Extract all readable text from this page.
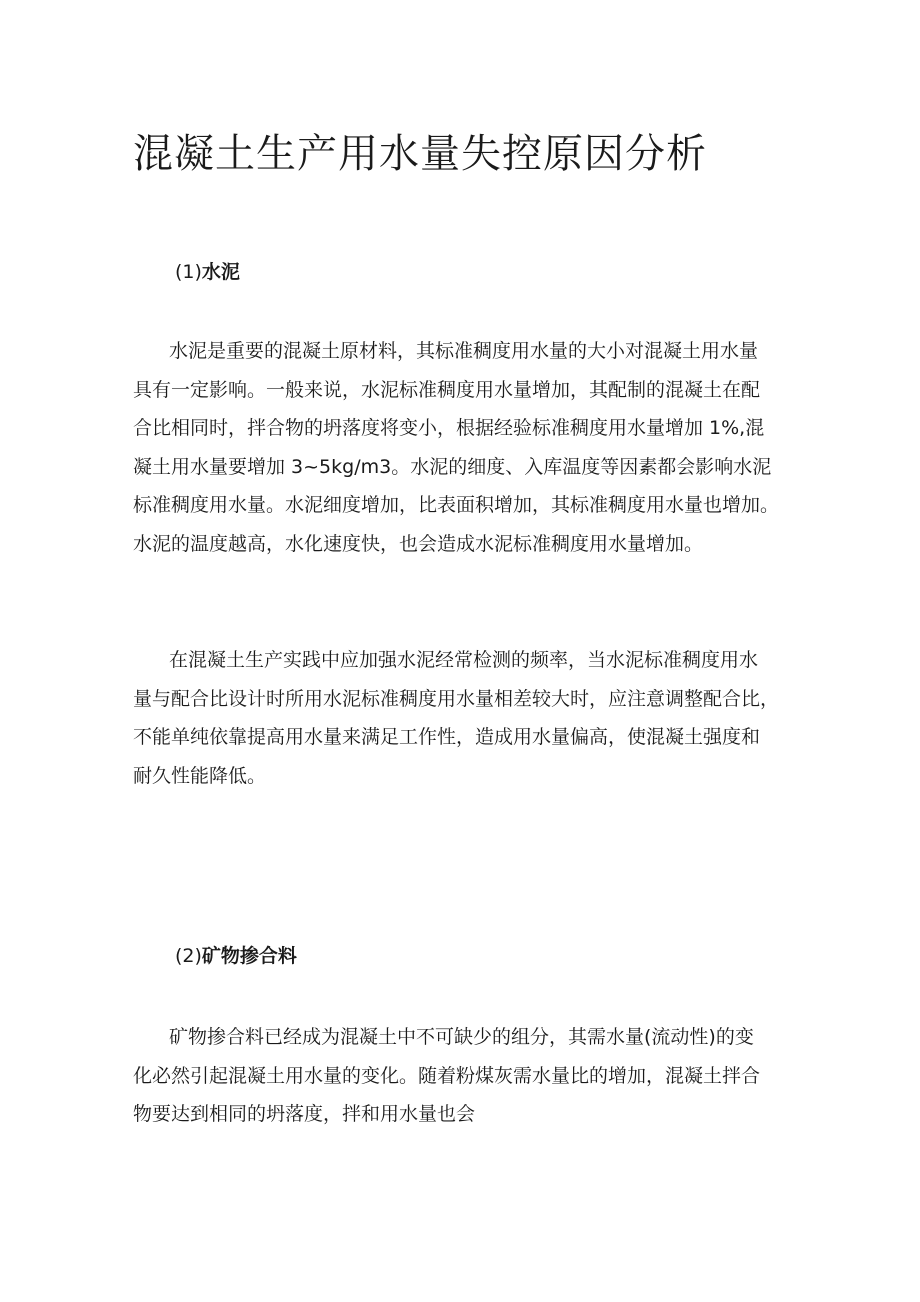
混凝土生产用水量失控原因分析
(1)水泥
水泥是重要的混凝土原材料，其标准稠度用水量的大小对混凝土用水量
具有一定影响。一般来说，水泥标准稠度用水量增加，其配制的混凝土在配
合比相同时，拌合物的坍落度将变小，根据经验标准稠度用水量增加 1%,混
凝土用水量要增加 3~5kg/m3。水泥的细度、入库温度等因素都会影响水泥
标准稠度用水量。水泥细度增加，比表面积增加，其标准稠度用水量也增加。
水泥的温度越高，水化速度快，也会造成水泥标准稠度用水量增加。
在混凝土生产实践中应加强水泥经常检测的频率，当水泥标准稠度用水
量与配合比设计时所用水泥标准稠度用水量相差较大时，应注意调整配合比，
不能单纯依靠提高用水量来满足工作性，造成用水量偏高，使混凝土强度和
耐久性能降低。
(2)矿物掺合料
矿物掺合料已经成为混凝土中不可缺少的组分，其需水量(流动性)的变
化必然引起混凝土用水量的变化。随着粉煤灰需水量比的增加，混凝土拌合
物要达到相同的坍落度，拌和用水量也会
